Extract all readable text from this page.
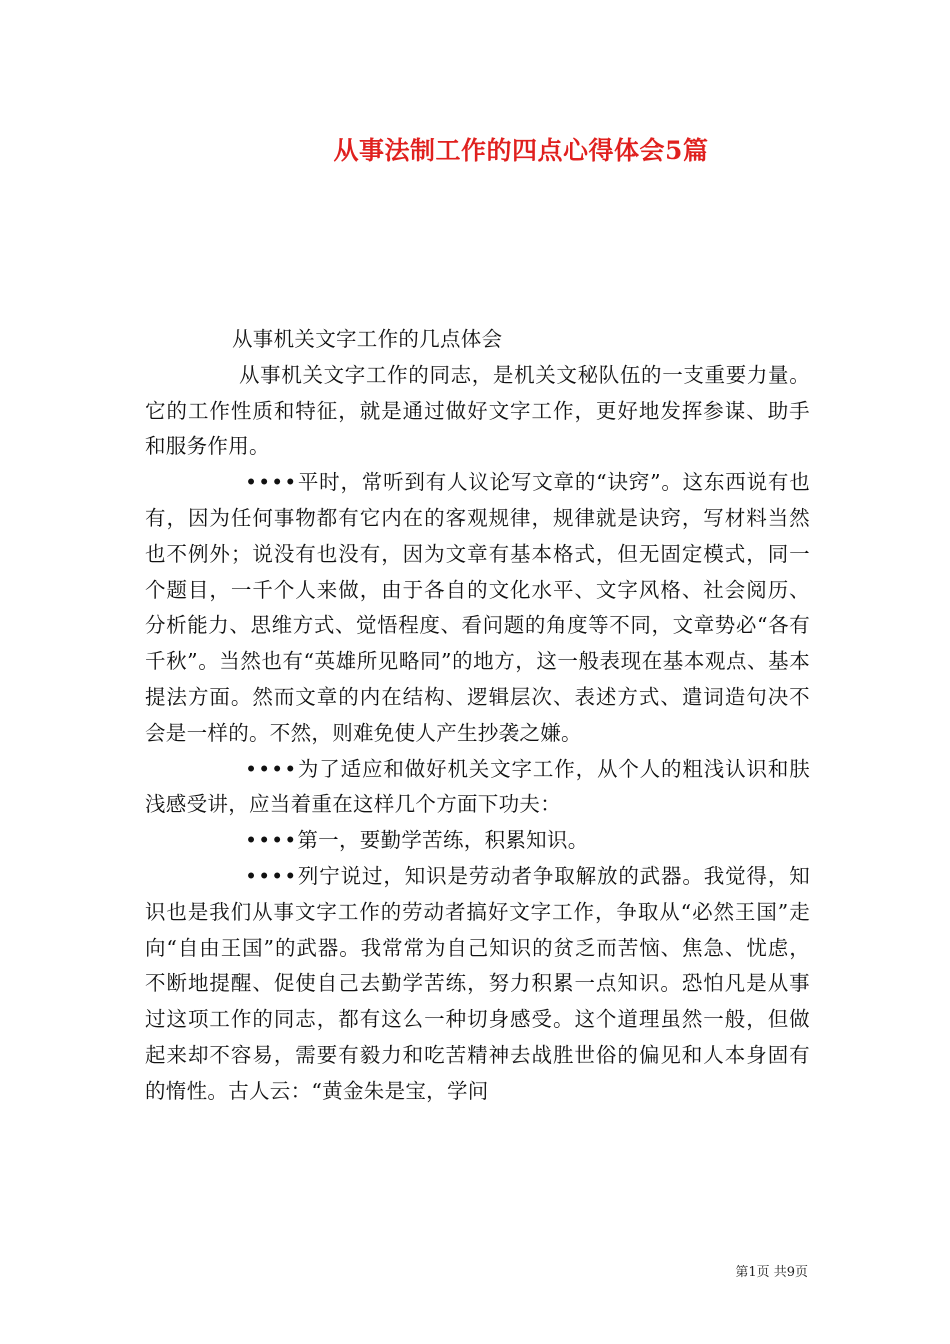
从事法制工作的四点心得体会5篇

从事机关文字工作的几点体会

从事机关文字工作的同志，是机关文秘队伍的一支重要力量。它的工作性质和特征，就是通过做好文字工作，更好地发挥参谋、助手和服务作用。

••••平时，常听到有人议论写文章的“诀窍”。这东西说有也有，因为任何事物都有它内在的客观规律，规律就是诀窍，写材料当然也不例外；说没有也没有，因为文章有基本格式，但无固定模式，同一个题目，一千个人来做，由于各自的文化水平、文字风格、社会阅历、分析能力、思维方式、觉悟程度、看问题的角度等不同，文章势必“各有千秋”。当然也有“英雄所见略同”的地方，这一般表现在基本观点、基本提法方面。然而文章的内在结构、逻辑层次、表述方式、遣词造句决不会是一样的。不然，则难免使人产生抄袭之嫌。

••••为了适应和做好机关文字工作，从个人的粗浅认识和肤浅感受讲，应当着重在这样几个方面下功夫：

••••第一，要勤学苦练，积累知识。

••••列宁说过，知识是劳动者争取解放的武器。我觉得，知识也是我们从事文字工作的劳动者搞好文字工作，争取从“必然王国”走向“自由王国”的武器。我常常为自己知识的贫乏而苦恼、焦急、忧虑，不断地提醒、促使自己去勤学苦练，努力积累一点知识。恐怕凡是从事过这项工作的同志，都有这么一种切身感受。这个道理虽然一般，但做起来却不容易，需要有毅力和吃苦精神去战胜世俗的偏见和人本身固有的惰性。古人云：“黄金朱是宝，学问

第1页 共9页
